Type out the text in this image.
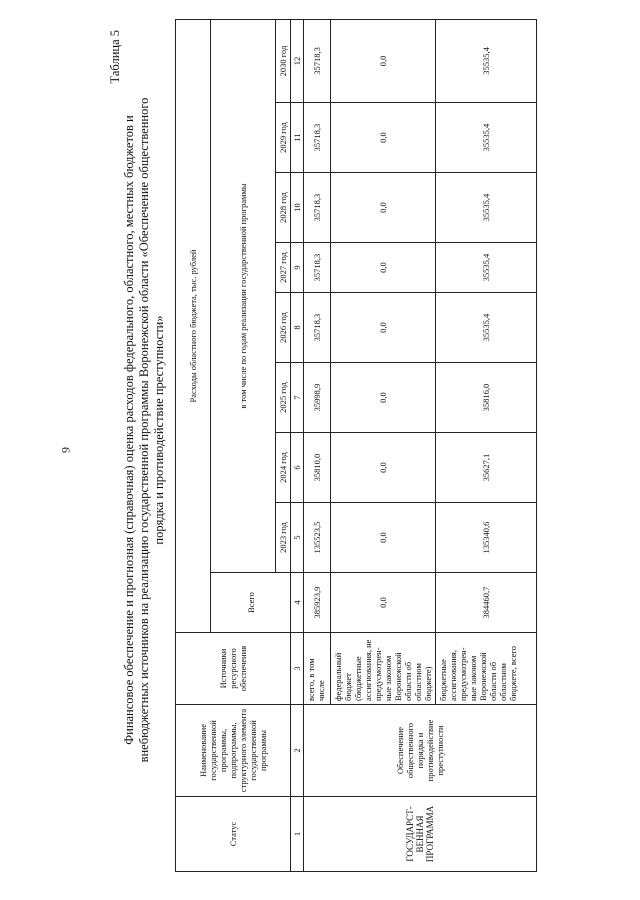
9
Таблица 5
Финансовое обеспечение и прогнозная (справочная) оценка расходов федерального, областного, местных бюджетов и внебюджетных источников на реализацию государственной программы Воронежской области «Обеспечение общественного порядка и противодействие преступности»
Статус	Наименование государственной программы, подпрограммы, структурного элемента государственной программы	Источники ресурсного обеспечения	Расходы областного бюджета, тыс. рублей								
			Всего	в том числе по годам реализации государственной программы							
				2023 год	2024 год	2025 год	2026 год	2027 год	2028 год	2029 год	2030 год
1	2	3	4	5	6	7	8	9	10	11	12
ГОСУДАРСТ-ВЕННАЯ ПРОГРАММА	Обеспечение общественного порядка и противодействие преступности	всего, в том числе	385923,9	135523,5	35810,0	35998,9	35718,3	35718,3	35718,3	35718,3	35718,3
		федеральный бюджет (бюджетные ассигнования, не предусмотрен-ные законом Воронежской области об областном бюджете)	0,0	0,0	0,0	0,0	0,0	0,0	0,0	0,0	0,0
		бюджетные ассигнования, предусмотрен-ные законом Воронежской области об областном бюджете, всего	384460,7	135340,6	35627,1	35816,0	35535,4	35535,4	35535,4	35535,4	35535,4
